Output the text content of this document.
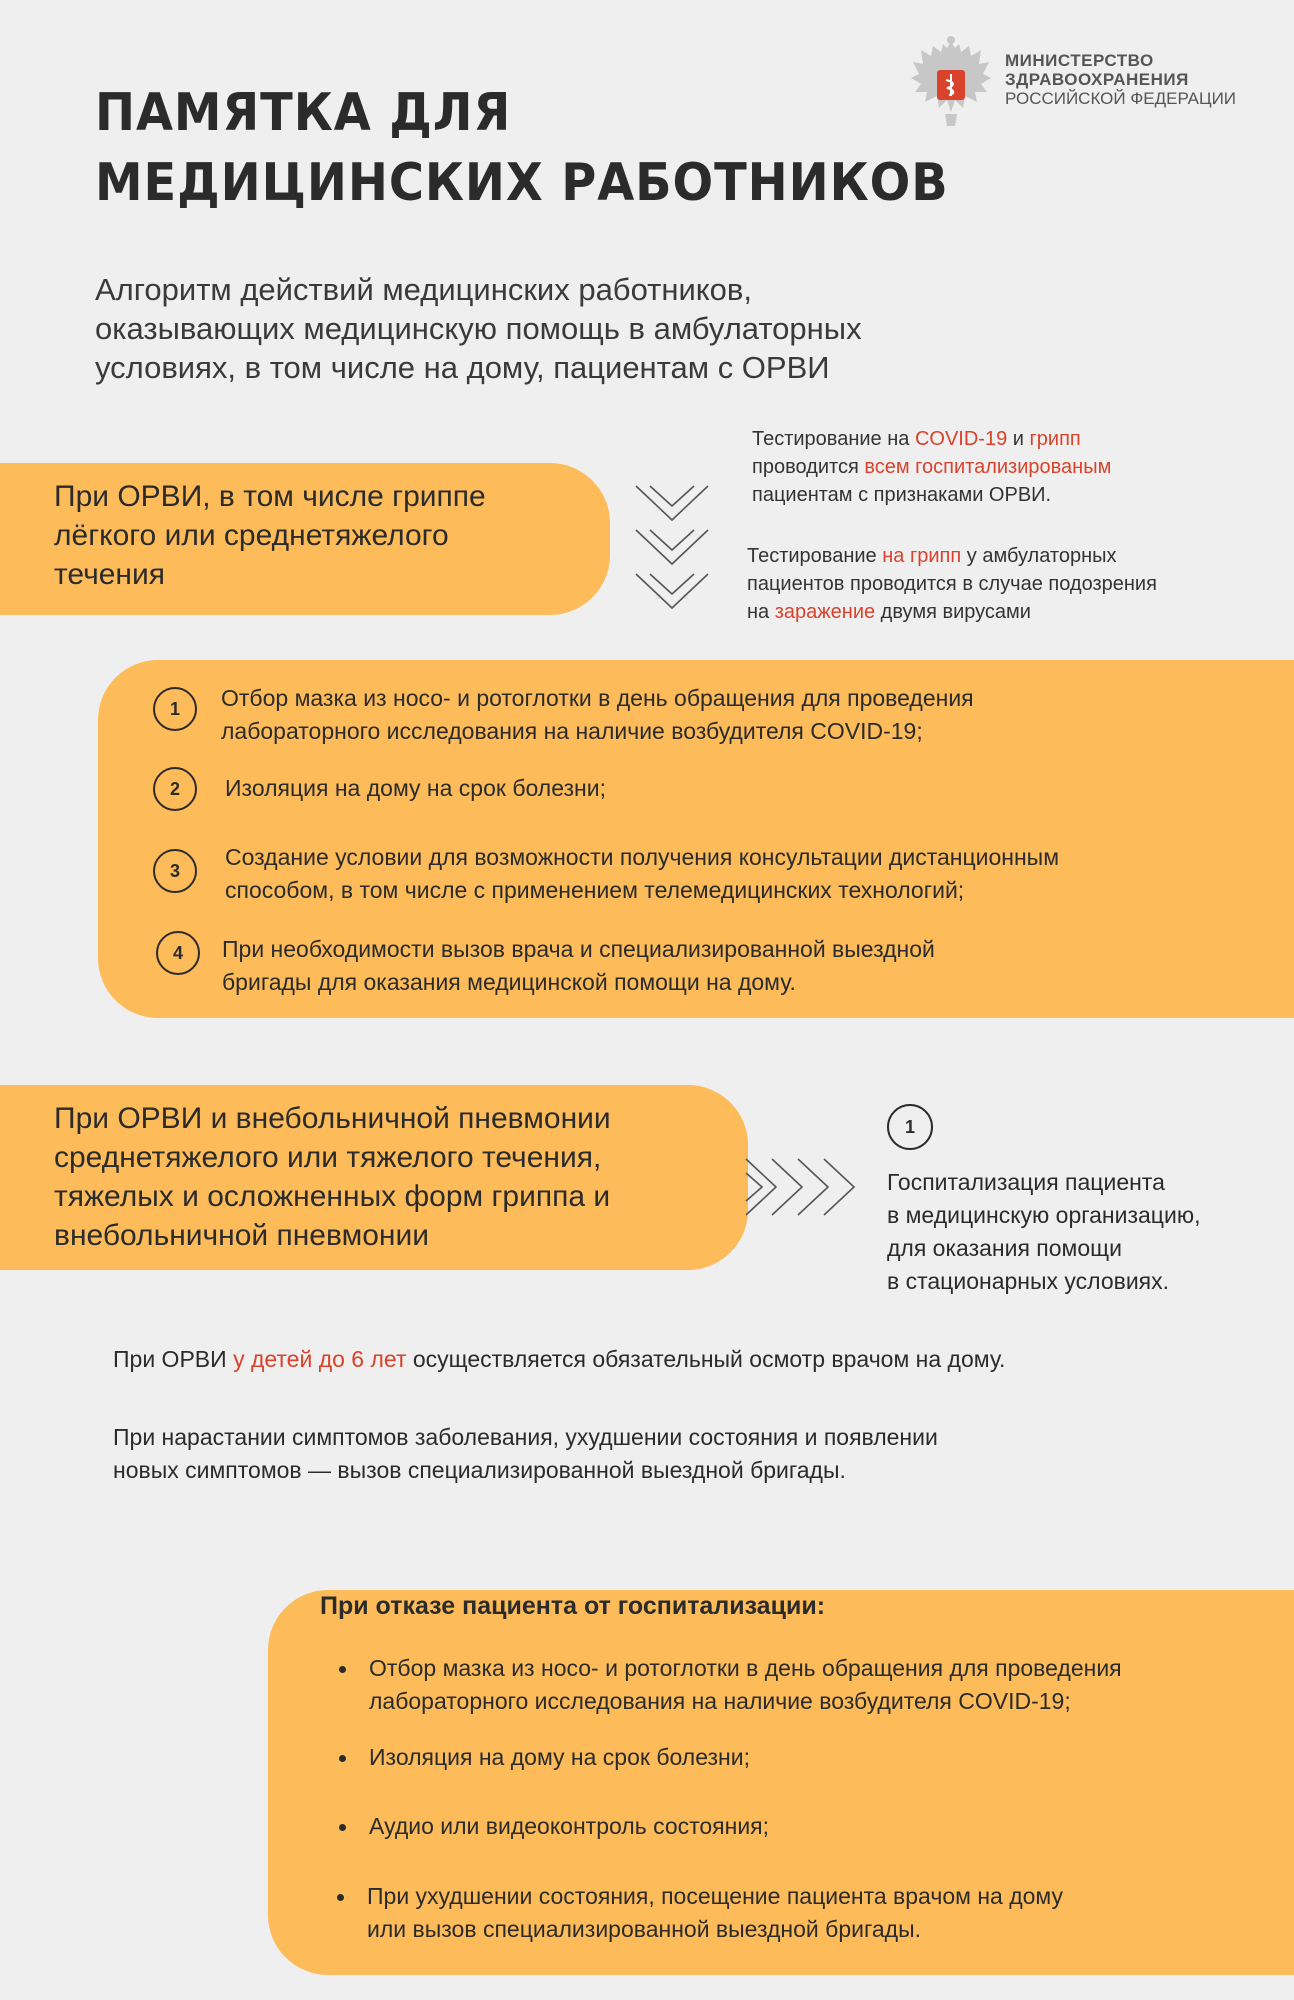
ПАМЯТКА ДЛЯ
МЕДИЦИНСКИХ РАБОТНИКОВ
Алгоритм действий медицинских работников,
оказывающих медицинскую помощь в амбулаторных
условиях, в том числе на дому, пациентам с ОРВИ
МИНИСТЕРСТВО
ЗДРАВООХРАНЕНИЯ
РОССИЙСКОЙ ФЕДЕРАЦИИ
При ОРВИ, в том числе гриппе
лёгкого или среднетяжелого
течения
Тестирование на COVID-19 и грипп
проводится всем госпитализированым
пациентам с признаками ОРВИ.
Тестирование на грипп у амбулаторных
пациентов проводится в случае подозрения
на заражение двумя вирусами
1	Отбор мазка из носо- и ротоглотки в день обращения для проведения
лабораторного исследования на наличие возбудителя COVID-19;
2	Изоляция на дому на срок болезни;
3
Создание условии для возможности получения консультации дистанционным
способом, в том числе с применением телемедицинских технологий;
4	При необходимости вызов врача и специализированной выездной
бригады для оказания медицинской помощи на дому.
При ОРВИ и внебольничной пневмонии
среднетяжелого или тяжелого течения,
тяжелых и осложненных форм гриппа и
внебольничной пневмонии
1
Госпитализация пациента
в медицинскую организацию,
для оказания помощи
в стационарных условиях.
При ОРВИ у детей до 6 лет осуществляется обязательный осмотр врачом на дому.
При нарастании симптомов заболевания, ухудшении состояния и появлении
новых симптомов — вызов специализированной выездной бригады.
При отказе пациента от госпитализации:
Отбор мазка из носо- и ротоглотки в день обращения для проведения
лабораторного исследования на наличие возбудителя COVID-19;
Изоляция на дому на срок болезни;
Аудио или видеоконтроль состояния;
При ухудшении состояния, посещение пациента врачом на дому
или вызов специализированной выездной бригады.
